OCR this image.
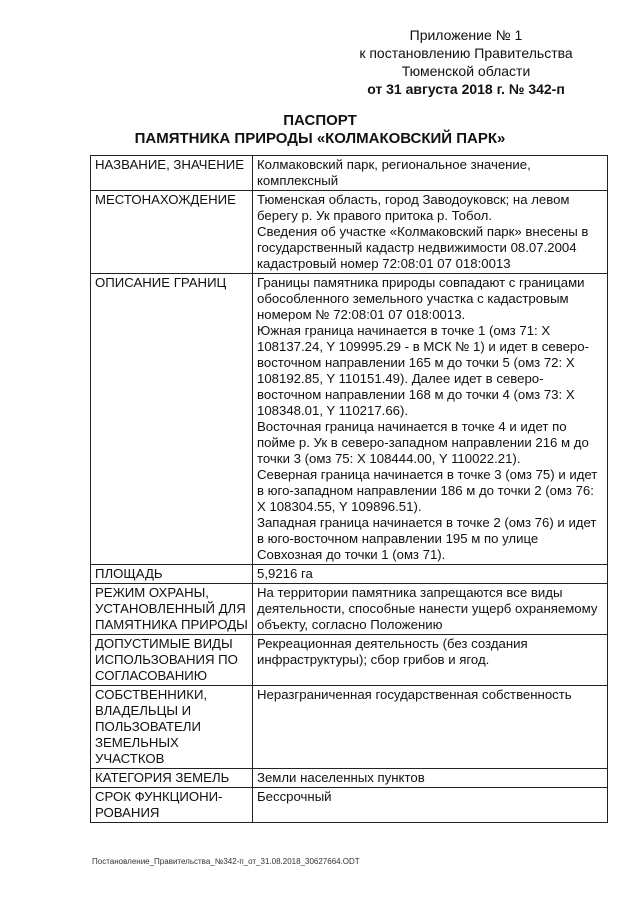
Приложение № 1
к постановлению Правительства
Тюменской области
от 31 августа 2018 г. № 342-п
ПАСПОРТ
ПАМЯТНИКА ПРИРОДЫ «КОЛМАКОВСКИЙ ПАРК»
НАЗВАНИЕ, ЗНАЧЕНИЕ	Колмаковский парк, региональное значение, комплексный

МЕСТОНАХОЖДЕНИЕ	Тюменская область, город Заводоуковск; на левом берегу р. Ук правого притока р. Тобол.
Сведения об участке «Колмаковский парк» внесены в государственный кадастр недвижимости 08.07.2004 кадастровый номер 72:08:01 07 018:0013

ОПИСАНИЕ ГРАНИЦ	Границы памятника природы совпадают с границами обособленного земельного участка с кадастровым номером № 72:08:01 07 018:0013.
Южная граница начинается в точке 1 (омз 71: X 108137.24, Y 109995.29 - в МСК № 1) и идет в северо-восточном направлении 165 м до точки 5 (омз 72: X 108192.85, Y 110151.49). Далее идет в северо-восточном направлении 168 м до точки 4 (омз 73: X 108348.01, Y 110217.66).
Восточная граница начинается в точке 4 и идет по пойме р. Ук в северо-западном направлении 216 м до точки 3 (омз 75: X 108444.00, Y 110022.21).
Северная граница начинается в точке 3 (омз 75) и идет в юго-западном направлении 186 м до точки 2 (омз 76: X 108304.55, Y 109896.51).
Западная граница начинается в точке 2 (омз 76) и идет в юго-восточном направлении 195 м по улице Совхозная до точки 1 (омз 71).

ПЛОЩАДЬ	5,9216 га

РЕЖИМ ОХРАНЫ, УСТАНОВЛЕННЫЙ ДЛЯ ПАМЯТНИКА ПРИРОДЫ	На территории памятника запрещаются все виды деятельности, способные нанести ущерб охраняемому объекту, согласно Положению

ДОПУСТИМЫЕ ВИДЫ ИСПОЛЬЗОВАНИЯ ПО СОГЛАСОВАНИЮ	Рекреационная деятельность (без создания инфраструктуры); сбор грибов и ягод.

СОБСТВЕННИКИ, ВЛАДЕЛЬЦЫ И ПОЛЬЗОВАТЕЛИ ЗЕМЕЛЬНЫХ УЧАСТКОВ	Неразграниченная государственная собственность

КАТЕГОРИЯ ЗЕМЕЛЬ	Земли населенных пунктов

СРОК ФУНКЦИОНИ-РОВАНИЯ	Бессрочный
Постановление_Правительства_№342-п_от_31.08.2018_30627664.ODT
